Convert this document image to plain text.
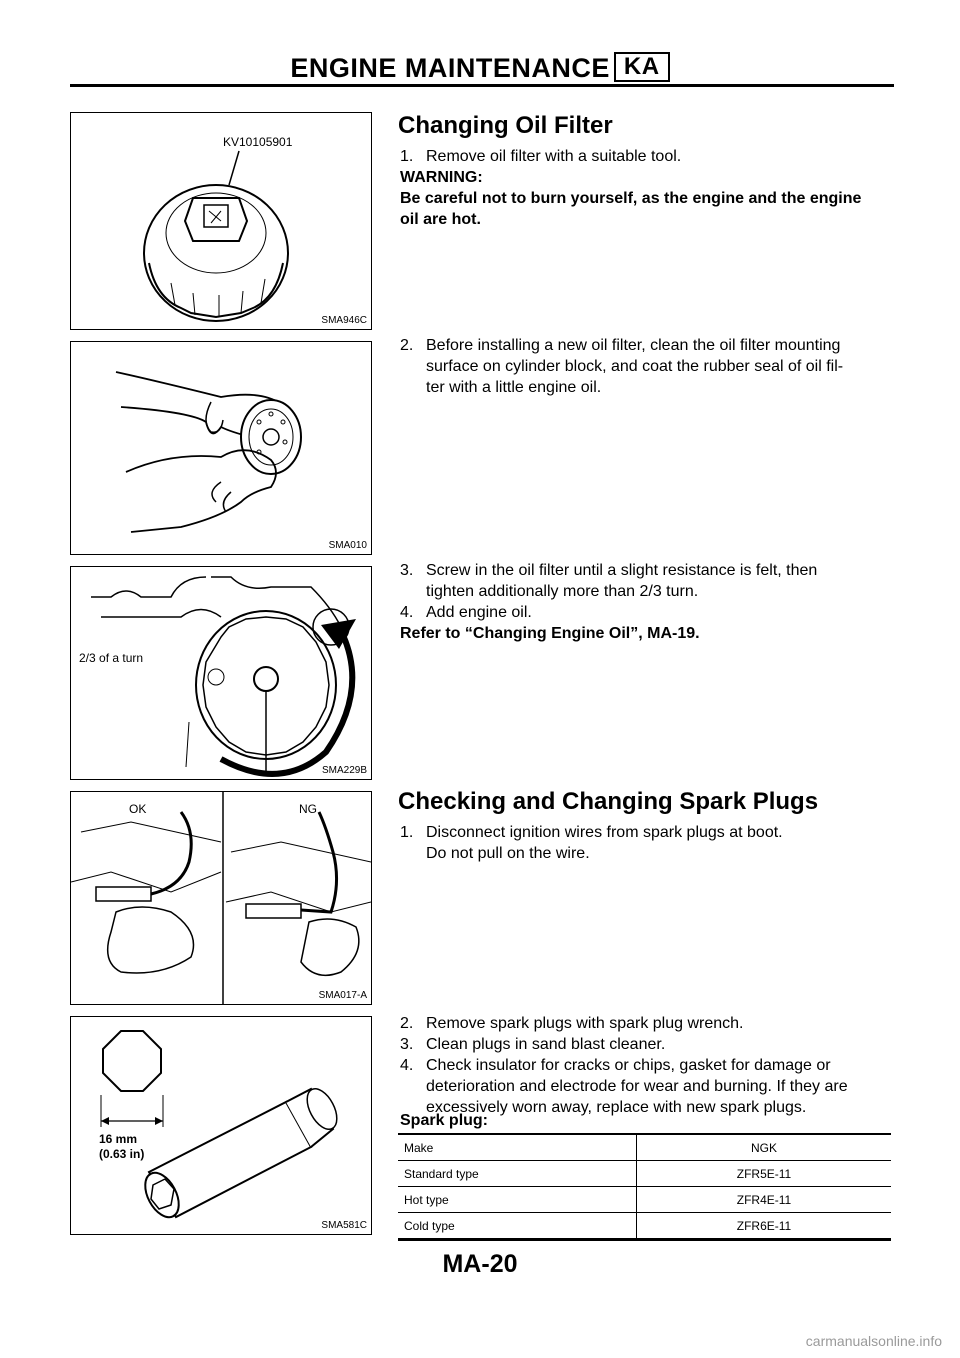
ENGINE MAINTENANCE KA
KV10105901
SMA946C
SMA010
2/3 of a turn
SMA229B
OK	NG
SMA017-A
16 mm
(0.63 in)
SMA581C
Changing Oil Filter
1. Remove oil filter with a suitable tool.
WARNING:
Be careful not to burn yourself, as the engine and the engine
oil are hot.
2. Before installing a new oil filter, clean the oil filter mounting
surface on cylinder block, and coat the rubber seal of oil fil-
ter with a little engine oil.
3. Screw in the oil filter until a slight resistance is felt, then
tighten additionally more than 2/3 turn.
4. Add engine oil.
Refer to “Changing Engine Oil”, MA-19.
Checking and Changing Spark Plugs
1. Disconnect ignition wires from spark plugs at boot.
Do not pull on the wire.
2. Remove spark plugs with spark plug wrench.
3. Clean plugs in sand blast cleaner.
4. Check insulator for cracks or chips, gasket for damage or
deterioration and electrode for wear and burning. If they are
excessively worn away, replace with new spark plugs.
Spark plug:
Make	NGK
Standard type	ZFR5E-11
Hot type	ZFR4E-11
Cold type	ZFR6E-11
MA-20
carmanualsonline.info
